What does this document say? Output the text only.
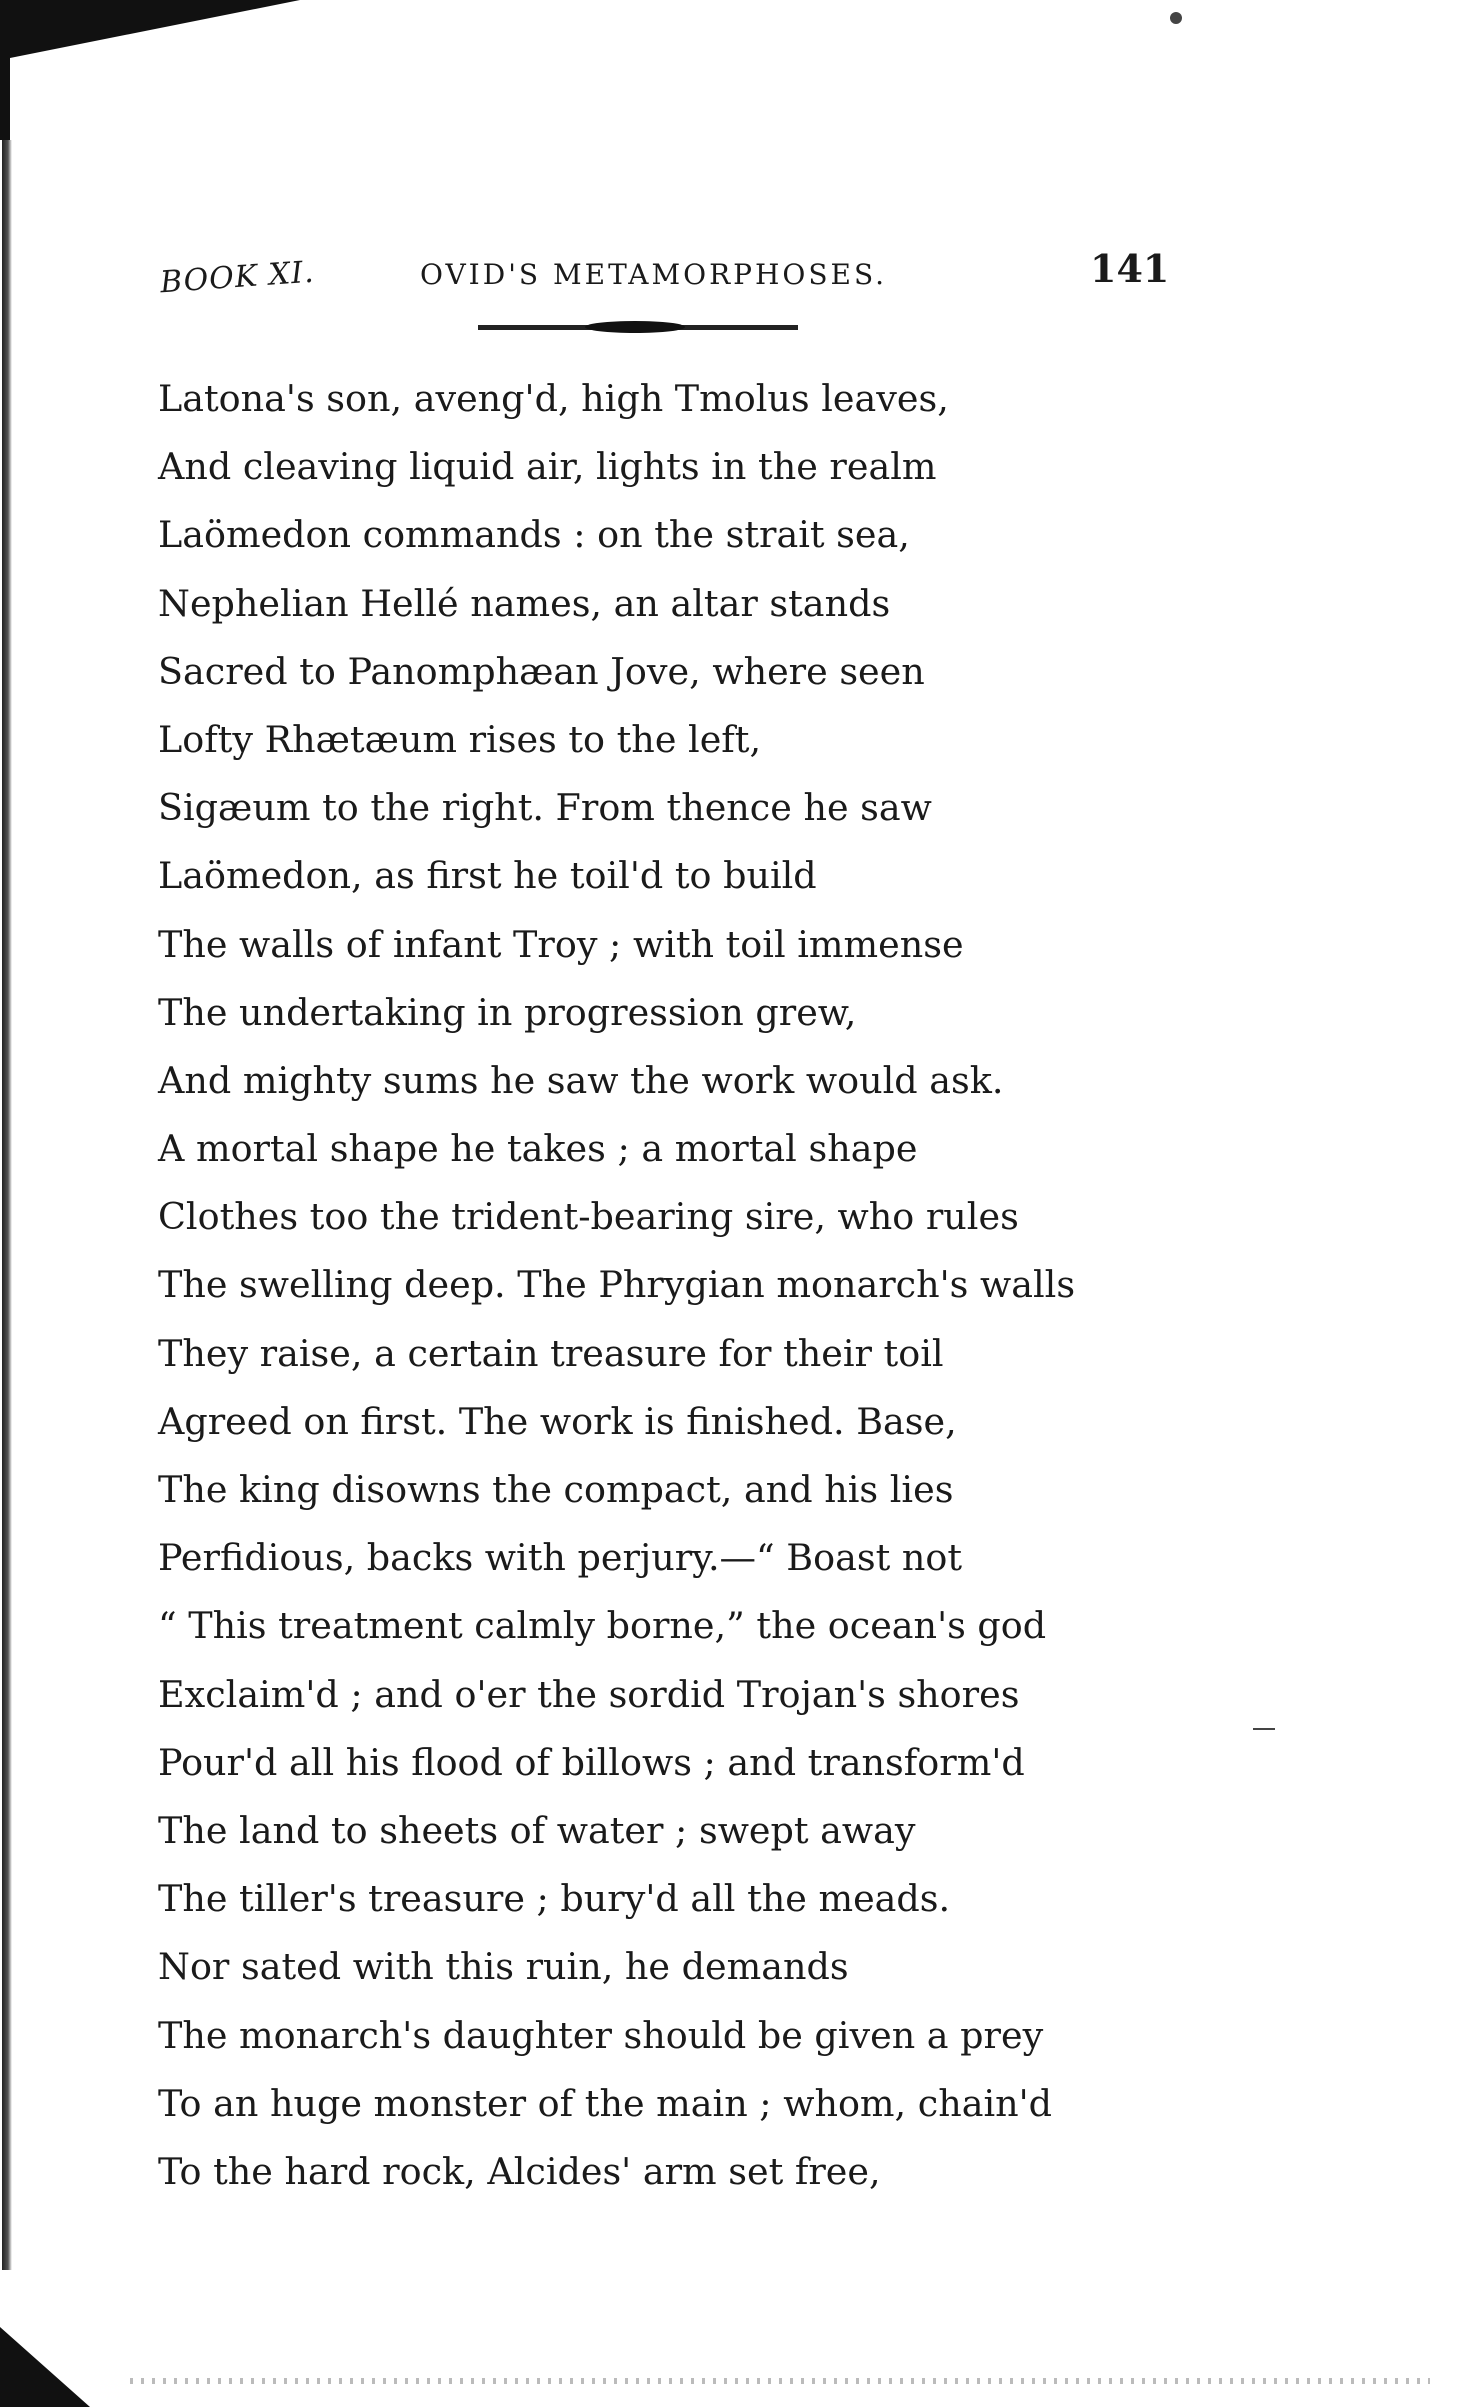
BOOK XI.	OVID'S METAMORPHOSES.	141
Latona's son, aveng'd, high Tmolus leaves,
And cleaving liquid air, lights in the realm
Laömedon commands : on the strait sea,
Nephelian Hellé names, an altar stands
Sacred to Panomphæan Jove, where seen
Lofty Rhætæum rises to the left,
Sigæum to the right. From thence he saw
Laömedon, as first he toil'd to build
The walls of infant Troy ; with toil immense
The undertaking in progression grew,
And mighty sums he saw the work would ask.
A mortal shape he takes ; a mortal shape
Clothes too the trident-bearing sire, who rules
The swelling deep. The Phrygian monarch's walls
They raise, a certain treasure for their toil
Agreed on first. The work is finished. Base,
The king disowns the compact, and his lies
Perfidious, backs with perjury.—“ Boast not
“ This treatment calmly borne,” the ocean's god
Exclaim'd ; and o'er the sordid Trojan's shores
Pour'd all his flood of billows ; and transform'd
The land to sheets of water ; swept away
The tiller's treasure ; bury'd all the meads.
Nor sated with this ruin, he demands
The monarch's daughter should be given a prey
To an huge monster of the main ; whom, chain'd
To the hard rock, Alcides' arm set free,
